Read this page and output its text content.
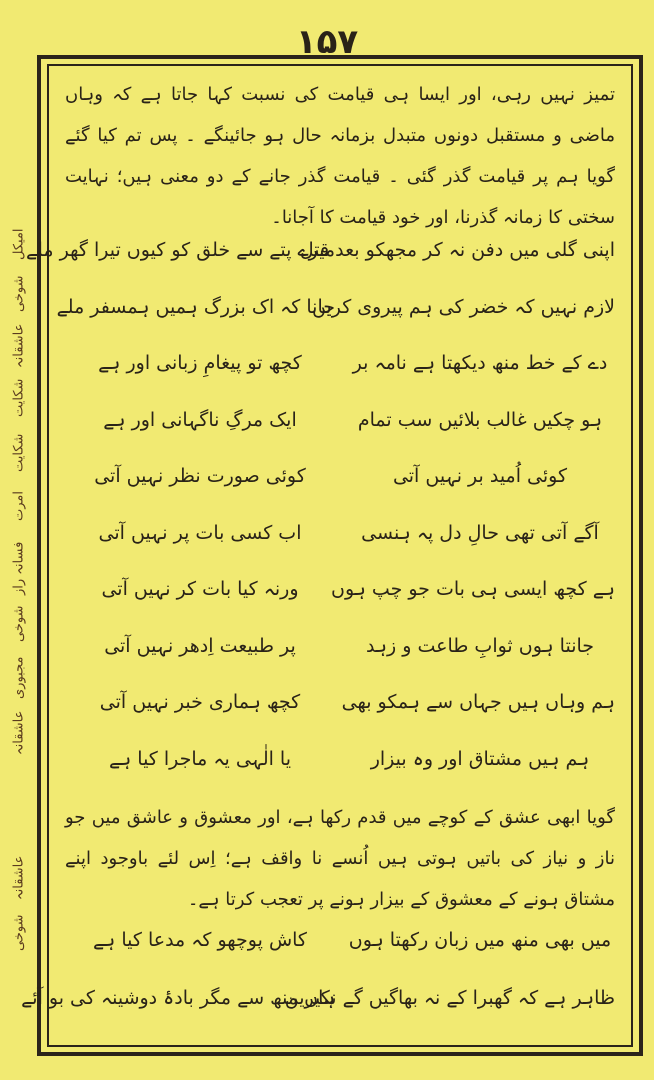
۱۵۷
تمیز نہیں رہی، اور ایسا ہی قیامت کی نسبت کہا جاتا ہے کہ وہاں ماضی و مستقبل دونوں متبدل بزمانہ حال ہو جائینگے ۔ پس تم کیا گئے گویا ہم پر قیامت گذر گئی ۔ قیامت گذر جانے کے دو معنی ہیں؛ نہایت سختی کا زمانہ گذرنا، اور خود قیامت کا آجانا۔
اپنی گلی میں دفن نہ کر مجھکو بعد قتل
میرے پتے سے خلق کو کیوں تیرا گھر ملے
لازم نہیں کہ خضر کی ہم پیروی کریں
جانا کہ اک بزرگ ہمیں ہمسفر ملے
دے کے خط منھ دیکھتا ہے نامہ بر
کچھ تو پیغامِ زبانی اور ہے
ہو چکیں غالب بلائیں سب تمام
ایک مرگِ ناگہانی اور ہے
کوئی اُمید بر نہیں آتی
کوئی صورت نظر نہیں آتی
آگے آتی تھی حالِ دل پہ ہنسی
اب کسی بات پر نہیں آتی
ہے کچھ ایسی ہی بات جو چپ ہوں
ورنہ کیا بات کر نہیں آتی
جانتا ہوں ثوابِ طاعت و زہد
پر طبیعت اِدھر نہیں آتی
ہم وہاں ہیں جہاں سے ہمکو بھی
کچھ ہماری خبر نہیں آتی
ہم ہیں مشتاق اور وہ بیزار
یا الٰہی یہ ماجرا کیا ہے
گویا ابھی عشق کے کوچے میں قدم رکھا ہے، اور معشوق و عاشق میں جو ناز و نیاز کی باتیں ہوتی ہیں اُنسے نا واقف ہے؛ اِس لئے باوجود اپنے مشتاق ہونے کے معشوق کے بیزار ہونے پر تعجب کرتا ہے۔
میں بھی منھ میں زبان رکھتا ہوں
کاش پوچھو کہ مدعا کیا ہے
ظاہر ہے کہ گھبرا کے نہ بھاگیں گے نکیرین
ہاں منھ سے مگر بادۂ دوشینہ کی بو آئے
امیکل
شوخی
عاشقانہ
شکایت
شکایت
امرت
فسانہ راز
شوخی
مجبوری
عاشقانہ
عاشقانہ
شوخی
